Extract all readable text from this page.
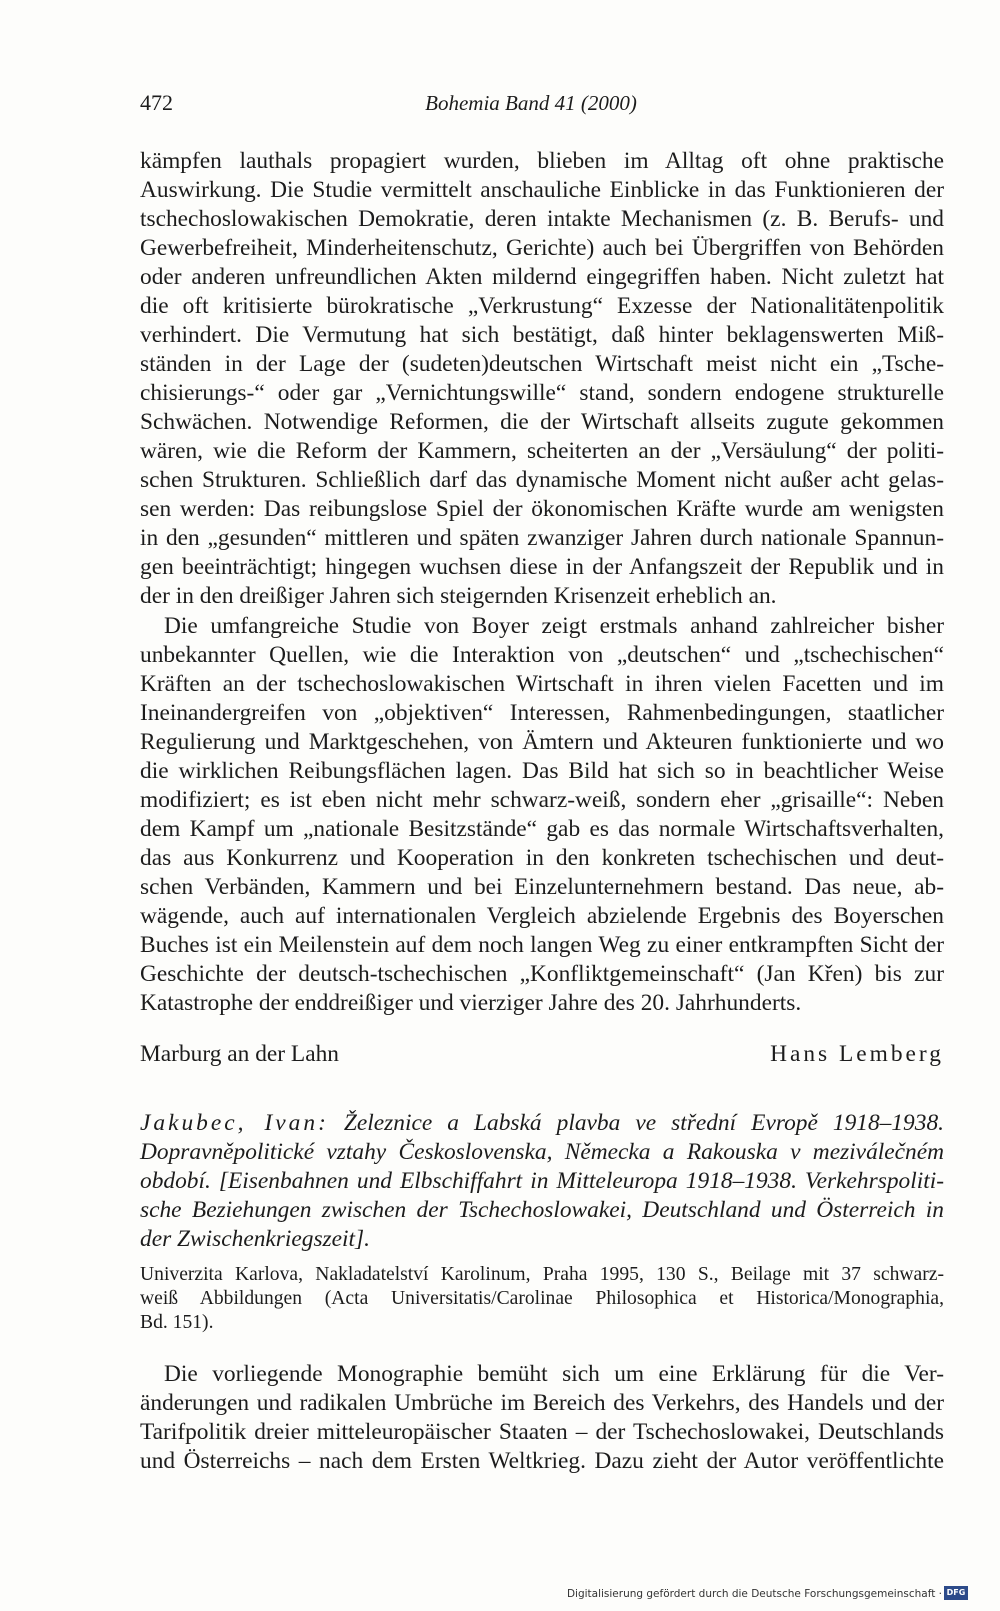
472	Bohemia Band 41 (2000)
kämpfen lauthals propagiert wurden, blieben im Alltag oft ohne praktische
Auswirkung. Die Studie vermittelt anschauliche Einblicke in das Funktionieren der
tschechoslowakischen Demokratie, deren intakte Mechanismen (z. B. Berufs- und
Gewerbefreiheit, Minderheitenschutz, Gerichte) auch bei Übergriffen von Behörden
oder anderen unfreundlichen Akten mildernd eingegriffen haben. Nicht zuletzt hat
die oft kritisierte bürokratische „Verkrustung“ Exzesse der Nationalitätenpolitik
verhindert. Die Vermutung hat sich bestätigt, daß hinter beklagenswerten Miß-
ständen in der Lage der (sudeten)deutschen Wirtschaft meist nicht ein „Tsche-
chisierungs-“ oder gar „Vernichtungswille“ stand, sondern endogene strukturelle
Schwächen. Notwendige Reformen, die der Wirtschaft allseits zugute gekommen
wären, wie die Reform der Kammern, scheiterten an der „Versäulung“ der politi-
schen Strukturen. Schließlich darf das dynamische Moment nicht außer acht gelas-
sen werden: Das reibungslose Spiel der ökonomischen Kräfte wurde am wenigsten
in den „gesunden“ mittleren und späten zwanziger Jahren durch nationale Spannun-
gen beeinträchtigt; hingegen wuchsen diese in der Anfangszeit der Republik und in
der in den dreißiger Jahren sich steigernden Krisenzeit erheblich an.
Die umfangreiche Studie von Boyer zeigt erstmals anhand zahlreicher bisher
unbekannter Quellen, wie die Interaktion von „deutschen“ und „tschechischen“
Kräften an der tschechoslowakischen Wirtschaft in ihren vielen Facetten und im
Ineinandergreifen von „objektiven“ Interessen, Rahmenbedingungen, staatlicher
Regulierung und Marktgeschehen, von Ämtern und Akteuren funktionierte und wo
die wirklichen Reibungsflächen lagen. Das Bild hat sich so in beachtlicher Weise
modifiziert; es ist eben nicht mehr schwarz-weiß, sondern eher „grisaille“: Neben
dem Kampf um „nationale Besitzstände“ gab es das normale Wirtschaftsverhalten,
das aus Konkurrenz und Kooperation in den konkreten tschechischen und deut-
schen Verbänden, Kammern und bei Einzelunternehmern bestand. Das neue, ab-
wägende, auch auf internationalen Vergleich abzielende Ergebnis des Boyerschen
Buches ist ein Meilenstein auf dem noch langen Weg zu einer entkrampften Sicht der
Geschichte der deutsch-tschechischen „Konfliktgemeinschaft“ (Jan Křen) bis zur
Katastrophe der enddreißiger und vierziger Jahre des 20. Jahrhunderts.
Marburg an der Lahn	Hans Lemberg
Jakubec, Ivan: Železnice a Labská plavba ve střední Evropě 1918–1938.
Dopravněpolitické vztahy Československa, Německa a Rakouska v meziválečném
období. [Eisenbahnen und Elbschiffahrt in Mitteleuropa 1918–1938. Verkehrspoliti-
sche Beziehungen zwischen der Tschechoslowakei, Deutschland und Österreich in
der Zwischenkriegszeit].
Univerzita Karlova, Nakladatelství Karolinum, Praha 1995, 130 S., Beilage mit 37 schwarz-
weiß Abbildungen (Acta Universitatis/Carolinae Philosophica et Historica/Monographia,
Bd. 151).
Die vorliegende Monographie bemüht sich um eine Erklärung für die Ver-
änderungen und radikalen Umbrüche im Bereich des Verkehrs, des Handels und der
Tarifpolitik dreier mitteleuropäischer Staaten – der Tschechoslowakei, Deutschlands
und Österreichs – nach dem Ersten Weltkrieg. Dazu zieht der Autor veröffentlichte
Digitalisierung gefördert durch die Deutsche Forschungsgemeinschaft · DFG
